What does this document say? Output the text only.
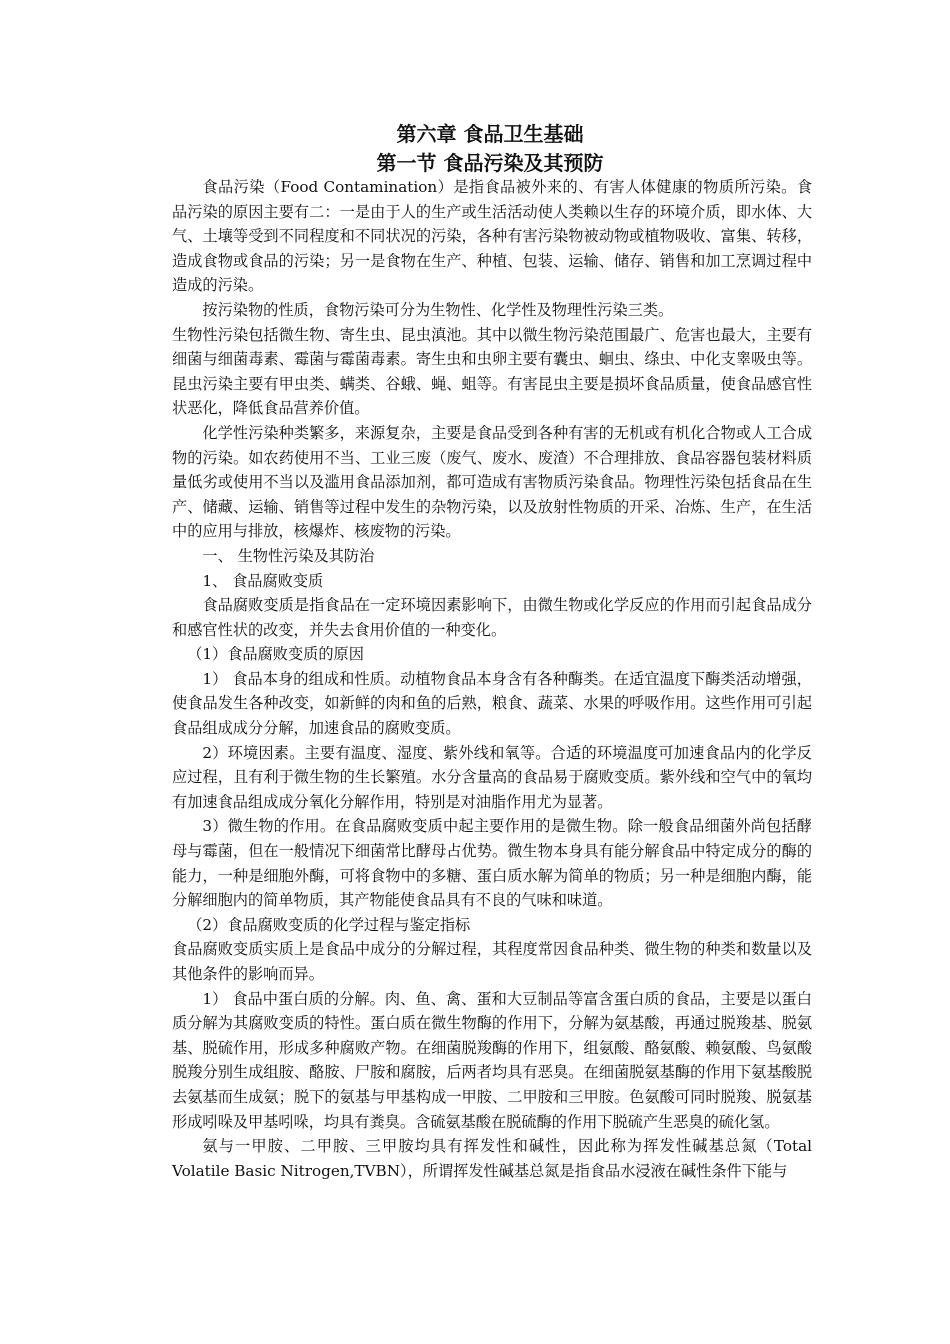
第六章 食品卫生基础
第一节 食品污染及其预防

食品污染（Food Contamination）是指食品被外来的、有害人体健康的物质所污染。食品污染的原因主要有二：一是由于人的生产或生活活动使人类赖以生存的环境介质，即水体、大气、土壤等受到不同程度和不同状况的污染，各种有害污染物被动物或植物吸收、富集、转移，造成食物或食品的污染；另一是食物在生产、种植、包装、运输、储存、销售和加工烹调过程中造成的污染。

按污染物的性质，食物污染可分为生物性、化学性及物理性污染三类。

生物性污染包括微生物、寄生虫、昆虫滇池。其中以微生物污染范围最广、危害也最大，主要有细菌与细菌毒素、霉菌与霉菌毒素。寄生虫和虫卵主要有囊虫、蛔虫、绦虫、中化支睾吸虫等。昆虫污染主要有甲虫类、螨类、谷蛾、蝇、蛆等。有害昆虫主要是损坏食品质量，使食品感官性状恶化，降低食品营养价值。

化学性污染种类繁多，来源复杂，主要是食品受到各种有害的无机或有机化合物或人工合成物的污染。如农药使用不当、工业三废（废气、废水、废渣）不合理排放、食品容器包装材料质量低劣或使用不当以及滥用食品添加剂，都可造成有害物质污染食品。物理性污染包括食品在生产、储藏、运输、销售等过程中发生的杂物污染，以及放射性物质的开采、冶炼、生产，在生活中的应用与排放，核爆炸、核废物的污染。

一、 生物性污染及其防治

1、 食品腐败变质

食品腐败变质是指食品在一定环境因素影响下，由微生物或化学反应的作用而引起食品成分和感官性状的改变，并失去食用价值的一种变化。

（1）食品腐败变质的原因

1） 食品本身的组成和性质。动植物食品本身含有各种酶类。在适宜温度下酶类活动增强，使食品发生各种改变，如新鲜的肉和鱼的后熟，粮食、蔬菜、水果的呼吸作用。这些作用可引起食品组成成分分解，加速食品的腐败变质。

2）环境因素。主要有温度、湿度、紫外线和氧等。合适的环境温度可加速食品内的化学反应过程，且有利于微生物的生长繁殖。水分含量高的食品易于腐败变质。紫外线和空气中的氧均有加速食品组成成分氧化分解作用，特别是对油脂作用尤为显著。

3）微生物的作用。在食品腐败变质中起主要作用的是微生物。除一般食品细菌外尚包括酵母与霉菌，但在一般情况下细菌常比酵母占优势。微生物本身具有能分解食品中特定成分的酶的能力，一种是细胞外酶，可将食物中的多糖、蛋白质水解为简单的物质；另一种是细胞内酶，能分解细胞内的简单物质，其产物能使食品具有不良的气味和味道。

（2）食品腐败变质的化学过程与鉴定指标

食品腐败变质实质上是食品中成分的分解过程，其程度常因食品种类、微生物的种类和数量以及其他条件的影响而异。

1） 食品中蛋白质的分解。肉、鱼、禽、蛋和大豆制品等富含蛋白质的食品，主要是以蛋白质分解为其腐败变质的特性。蛋白质在微生物酶的作用下，分解为氨基酸，再通过脱羧基、脱氨基、脱硫作用，形成多种腐败产物。在细菌脱羧酶的作用下，组氨酸、酪氨酸、赖氨酸、鸟氨酸脱羧分别生成组胺、酪胺、尸胺和腐胺，后两者均具有恶臭。在细菌脱氨基酶的作用下氨基酸脱去氨基而生成氨；脱下的氨基与甲基构成一甲胺、二甲胺和三甲胺。色氨酸可同时脱羧、脱氨基形成吲哚及甲基吲哚，均具有粪臭。含硫氨基酸在脱硫酶的作用下脱硫产生恶臭的硫化氢。

氨与一甲胺、二甲胺、三甲胺均具有挥发性和碱性，因此称为挥发性碱基总氮（Total Volatile Basic Nitrogen,TVBN），所谓挥发性碱基总氮是指食品水浸液在碱性条件下能与
